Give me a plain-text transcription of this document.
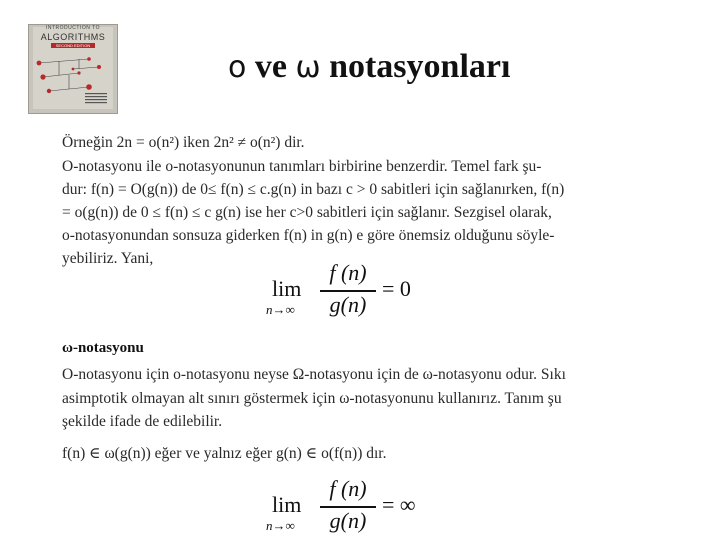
INTRODUCTION TO
ALGORITHMS
SECOND EDITION
o ve ω notasyonları
Örneğin 2n = o(n²) iken 2n² ≠ o(n²) dir.
O-notasyonu ile o-notasyonunun tanımları birbirine benzerdir. Temel fark şu-
dur: f(n) = O(g(n)) de 0≤ f(n) ≤ c.g(n) in bazı c > 0 sabitleri için sağlanırken, f(n)
= o(g(n)) de 0 ≤ f(n) ≤ c g(n) ise her c>0 sabitleri için sağlanır. Sezgisel olarak,
o-notasyonundan sonsuza giderken f(n) in g(n) e göre önemsiz olduğunu söyle-
yebiliriz. Yani,
lim
n→∞
f (n)
g(n)
= 0
ω-notasyonu
O-notasyonu için o-notasyonu neyse Ω-notasyonu için de ω-notasyonu odur. Sıkı
asimptotik olmayan alt sınırı göstermek için ω-notasyonunu kullanırız. Tanım şu
şekilde ifade de edilebilir.
f(n) ∈ ω(g(n)) eğer ve yalnız eğer g(n) ∈ o(f(n)) dır.
lim
n→∞
f (n)
g(n)
= ∞
